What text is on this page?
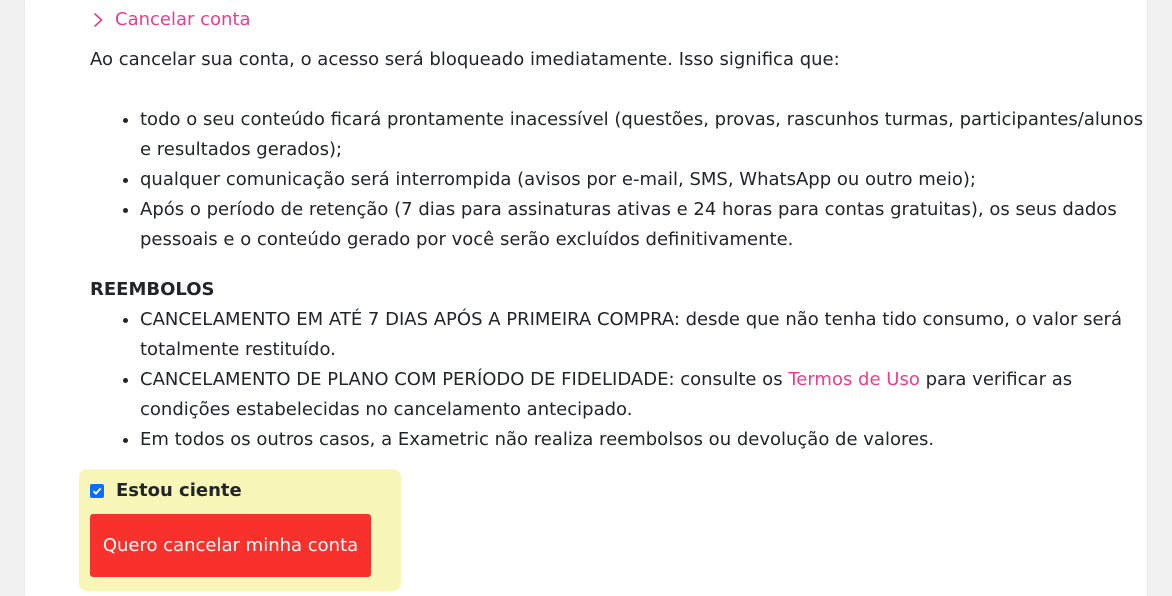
Cancelar conta

Ao cancelar sua conta, o acesso será bloqueado imediatamente. Isso significa que:

• todo o seu conteúdo ficará prontamente inacessível (questões, provas, rascunhos turmas, participantes/alunos e resultados gerados);
• qualquer comunicação será interrompida (avisos por e-mail, SMS, WhatsApp ou outro meio);
• Após o período de retenção (7 dias para assinaturas ativas e 24 horas para contas gratuitas), os seus dados pessoais e o conteúdo gerado por você serão excluídos definitivamente.

REEMBOLOS

• CANCELAMENTO EM ATÉ 7 DIAS APÓS A PRIMEIRA COMPRA: desde que não tenha tido consumo, o valor será totalmente restituído.
• CANCELAMENTO DE PLANO COM PERÍODO DE FIDELIDADE: consulte os Termos de Uso para verificar as condições estabelecidas no cancelamento antecipado.
• Em todos os outros casos, a Exametric não realiza reembolsos ou devolução de valores.
Estou ciente
Quero cancelar minha conta
